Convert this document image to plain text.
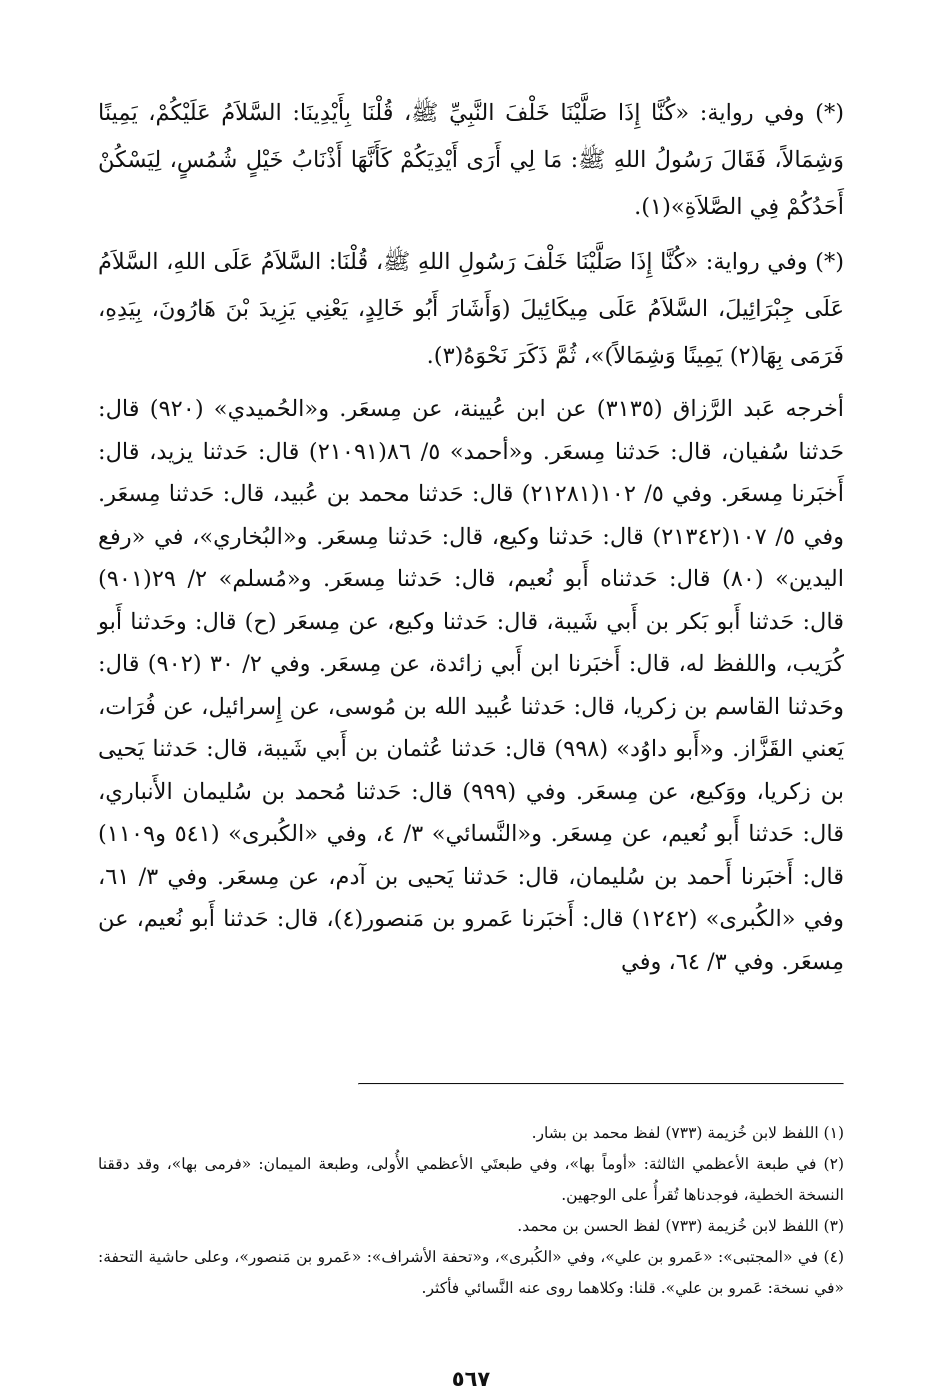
(*) وفي رواية: «كُنَّا إِذَا صَلَّيْنَا خَلْفَ النَّبِيِّ ﷺ، قُلْنَا بِأَيْدِينَا: السَّلاَمُ عَلَيْكُمْ، يَمِينًا وَشِمَالاً، فَقَالَ رَسُولُ اللهِ ﷺ: مَا لِي أَرَى أَيْدِيَكُمْ كَأَنَّهَا أَذْنَابُ خَيْلٍ شُمُسٍ، لِيَسْكُنْ أَحَدُكُمْ فِي الصَّلاَةِ»(١).

(*) وفي رواية: «كُنَّا إِذَا صَلَّيْنَا خَلْفَ رَسُولِ اللهِ ﷺ، قُلْنَا: السَّلاَمُ عَلَى اللهِ، السَّلاَمُ عَلَى جِبْرَائِيلَ، السَّلاَمُ عَلَى مِيكَائِيلَ (وَأَشَارَ أَبُو خَالِدٍ، يَعْنِي يَزِيدَ بْنَ هَارُونَ، بِيَدِهِ، فَرَمَى بِهَا(٢) يَمِينًا وَشِمَالاً)»، ثُمَّ ذَكَرَ نَحْوَهُ(٣).

أخرجه عَبد الرَّزاق (٣١٣٥) عن ابن عُيينة، عن مِسعَر. و«الحُميدي» (٩٢٠) قال: حَدثنا سُفيان، قال: حَدثنا مِسعَر. و«أحمد» ٥/ ٨٦(٢١٠٩١) قال: حَدثنا يزيد، قال: أَخبَرنا مِسعَر. وفي ٥/ ١٠٢(٢١٢٨١) قال: حَدثنا محمد بن عُبيد، قال: حَدثنا مِسعَر. وفي ٥/ ١٠٧(٢١٣٤٢) قال: حَدثنا وكيع، قال: حَدثنا مِسعَر. و«البُخاري»، في «رفع اليدين» (٨٠) قال: حَدثناه أَبو نُعيم، قال: حَدثنا مِسعَر. و«مُسلم» ٢/ ٢٩(٩٠١) قال: حَدثنا أَبو بَكر بن أَبي شَيبة، قال: حَدثنا وكيع، عن مِسعَر (ح) قال: وحَدثنا أَبو كُرَيب، واللفظ له، قال: أَخبَرنا ابن أَبي زائدة، عن مِسعَر. وفي ٢/ ٣٠ (٩٠٢) قال: وحَدثنا القاسم بن زكريا، قال: حَدثنا عُبيد الله بن مُوسى، عن إِسرائيل، عن فُرَات، يَعني القَزَّاز. و«أَبو داوُد» (٩٩٨) قال: حَدثنا عُثمان بن أَبي شَيبة، قال: حَدثنا يَحيى بن زكريا، ووَكيع، عن مِسعَر. وفي (٩٩٩) قال: حَدثنا مُحمد بن سُليمان الأَنباري، قال: حَدثنا أَبو نُعيم، عن مِسعَر. و«النَّسائي» ٣/ ٤، وفي «الكُبرى» (٥٤١ و١١٠٩) قال: أَخبَرنا أَحمد بن سُليمان، قال: حَدثنا يَحيى بن آدم، عن مِسعَر. وفي ٣/ ٦١، وفي «الكُبرى» (١٢٤٢) قال: أَخبَرنا عَمرو بن مَنصور(٤)، قال: حَدثنا أَبو نُعيم، عن مِسعَر. وفي ٣/ ٦٤، وفي

(١) اللفظ لابن خُزيمة (٧٣٣) لفظ محمد بن بشار.

(٢) في طبعة الأعظمي الثالثة: «أوماً بها»، وفي طبعتَي الأعظمي الأُولى، وطبعة الميمان: «فرمى بها»، وقد دققنا النسخة الخطية، فوجدناها تُقرأُ على الوجهين.

(٣) اللفظ لابن خُزيمة (٧٣٣) لفظ الحسن بن محمد.

(٤) في «المجتبى»: «عَمرو بن علي»، وفي «الكُبرى»، و«تحفة الأشراف»: «عَمرو بن مَنصور»، وعلى حاشية التحفة: «في نسخة: عَمرو بن علي». قلنا: وكلاهما روى عنه النَّسائي فأكثر.

٥٦٧
